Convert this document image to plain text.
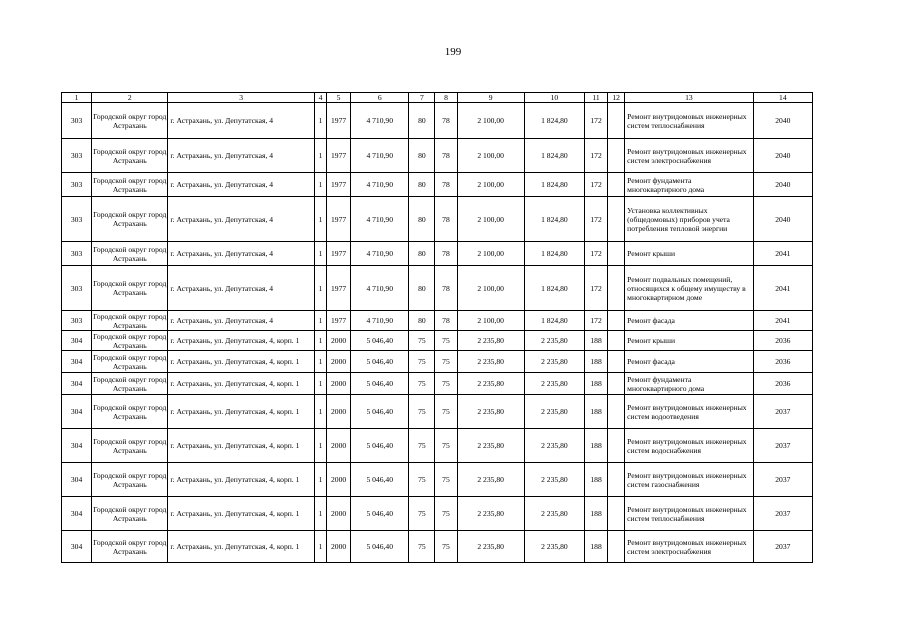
199
1	2	3	4	5	6	7	8	9	10	11	12	13	14
303	Городской округ город Астрахань	г. Астрахань, ул. Депутатская, 4	1	1977	4 710,90	80	78	2 100,00	1 824,80	172		Ремонт внутридомовых инженерных систем теплоснабжения	2040
303	Городской округ город Астрахань	г. Астрахань, ул. Депутатская, 4	1	1977	4 710,90	80	78	2 100,00	1 824,80	172		Ремонт внутридомовых инженерных систем электроснабжения	2040
303	Городской округ город Астрахань	г. Астрахань, ул. Депутатская, 4	1	1977	4 710,90	80	78	2 100,00	1 824,80	172		Ремонт фундамента многоквартирного дома	2040
303	Городской округ город Астрахань	г. Астрахань, ул. Депутатская, 4	1	1977	4 710,90	80	78	2 100,00	1 824,80	172		Установка коллективных (общедомовых) приборов учета потребления тепловой энергии	2040
303	Городской округ город Астрахань	г. Астрахань, ул. Депутатская, 4	1	1977	4 710,90	80	78	2 100,00	1 824,80	172		Ремонт крыши	2041
303	Городской округ город Астрахань	г. Астрахань, ул. Депутатская, 4	1	1977	4 710,90	80	78	2 100,00	1 824,80	172		Ремонт подвальных помещений, относящихся к общему имуществу в многоквартирном доме	2041
303	Городской округ город Астрахань	г. Астрахань, ул. Депутатская, 4	1	1977	4 710,90	80	78	2 100,00	1 824,80	172		Ремонт фасада	2041
304	Городской округ город Астрахань	г. Астрахань, ул. Депутатская, 4, корп. 1	1	2000	5 046,40	75	75	2 235,80	2 235,80	188		Ремонт крыши	2036
304	Городской округ город Астрахань	г. Астрахань, ул. Депутатская, 4, корп. 1	1	2000	5 046,40	75	75	2 235,80	2 235,80	188		Ремонт фасада	2036
304	Городской округ город Астрахань	г. Астрахань, ул. Депутатская, 4, корп. 1	1	2000	5 046,40	75	75	2 235,80	2 235,80	188		Ремонт фундамента многоквартирного дома	2036
304	Городской округ город Астрахань	г. Астрахань, ул. Депутатская, 4, корп. 1	1	2000	5 046,40	75	75	2 235,80	2 235,80	188		Ремонт внутридомовых инженерных систем водоотведения	2037
304	Городской округ город Астрахань	г. Астрахань, ул. Депутатская, 4, корп. 1	1	2000	5 046,40	75	75	2 235,80	2 235,80	188		Ремонт внутридомовых инженерных систем водоснабжения	2037
304	Городской округ город Астрахань	г. Астрахань, ул. Депутатская, 4, корп. 1	1	2000	5 046,40	75	75	2 235,80	2 235,80	188		Ремонт внутридомовых инженерных систем газоснабжения	2037
304	Городской округ город Астрахань	г. Астрахань, ул. Депутатская, 4, корп. 1	1	2000	5 046,40	75	75	2 235,80	2 235,80	188		Ремонт внутридомовых инженерных систем теплоснабжения	2037
304	Городской округ город Астрахань	г. Астрахань, ул. Депутатская, 4, корп. 1	1	2000	5 046,40	75	75	2 235,80	2 235,80	188		Ремонт внутридомовых инженерных систем электроснабжения	2037
